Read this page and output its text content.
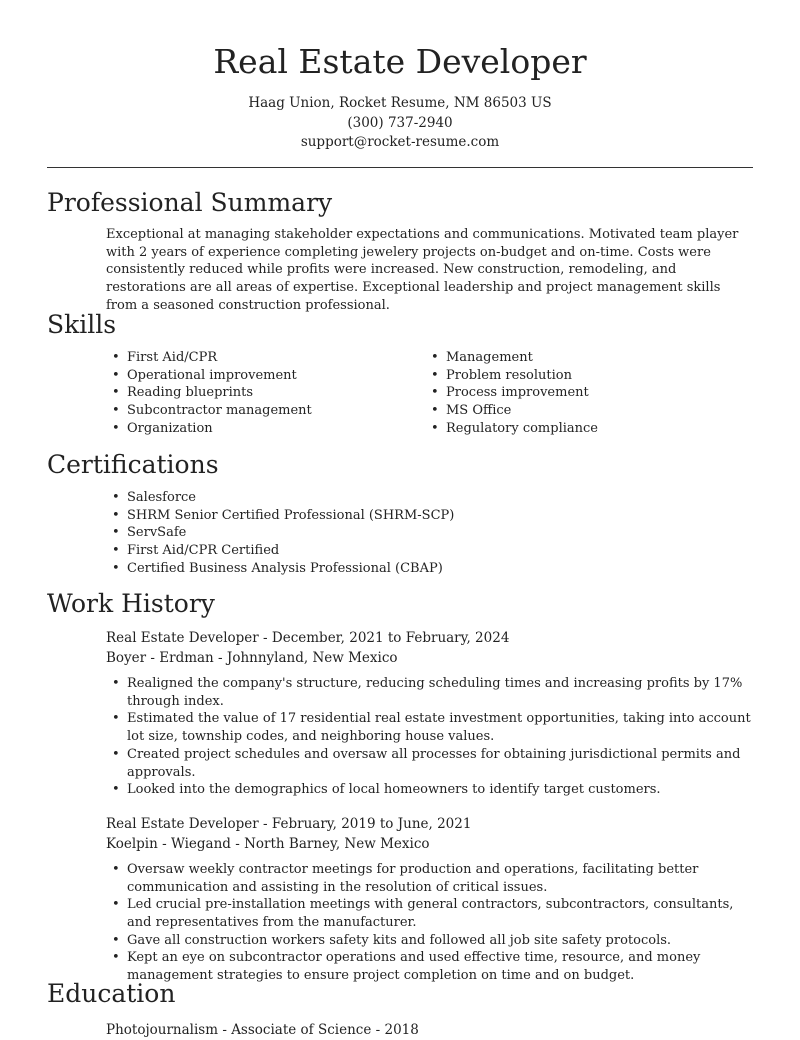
Real Estate Developer
Haag Union, Rocket Resume, NM 86503 US
(300) 737-2940
support@rocket-resume.com
Professional Summary

Exceptional at managing stakeholder expectations and communications. Motivated team player with 2 years of experience completing jewelery projects on-budget and on-time. Costs were consistently reduced while profits were increased. New construction, remodeling, and restorations are all areas of expertise. Exceptional leadership and project management skills from a seasoned construction professional.

Skills
• First Aid/CPR
• Operational improvement
• Reading blueprints
• Subcontractor management
• Organization
• Management
• Problem resolution
• Process improvement
• MS Office
• Regulatory compliance
Certifications
• Salesforce
• SHRM Senior Certified Professional (SHRM-SCP)
• ServSafe
• First Aid/CPR Certified
• Certified Business Analysis Professional (CBAP)
Work History
Real Estate Developer - December, 2021 to February, 2024
Boyer - Erdman - Johnnyland, New Mexico
• Realigned the company's structure, reducing scheduling times and increasing profits by 17% through index.
• Estimated the value of 17 residential real estate investment opportunities, taking into account lot size, township codes, and neighboring house values.
• Created project schedules and oversaw all processes for obtaining jurisdictional permits and approvals.
• Looked into the demographics of local homeowners to identify target customers.
Real Estate Developer - February, 2019 to June, 2021
Koelpin - Wiegand - North Barney, New Mexico
• Oversaw weekly contractor meetings for production and operations, facilitating better communication and assisting in the resolution of critical issues.
• Led crucial pre-installation meetings with general contractors, subcontractors, consultants, and representatives from the manufacturer.
• Gave all construction workers safety kits and followed all job site safety protocols.
• Kept an eye on subcontractor operations and used effective time, resource, and money management strategies to ensure project completion on time and on budget.
Education
Photojournalism - Associate of Science - 2018
